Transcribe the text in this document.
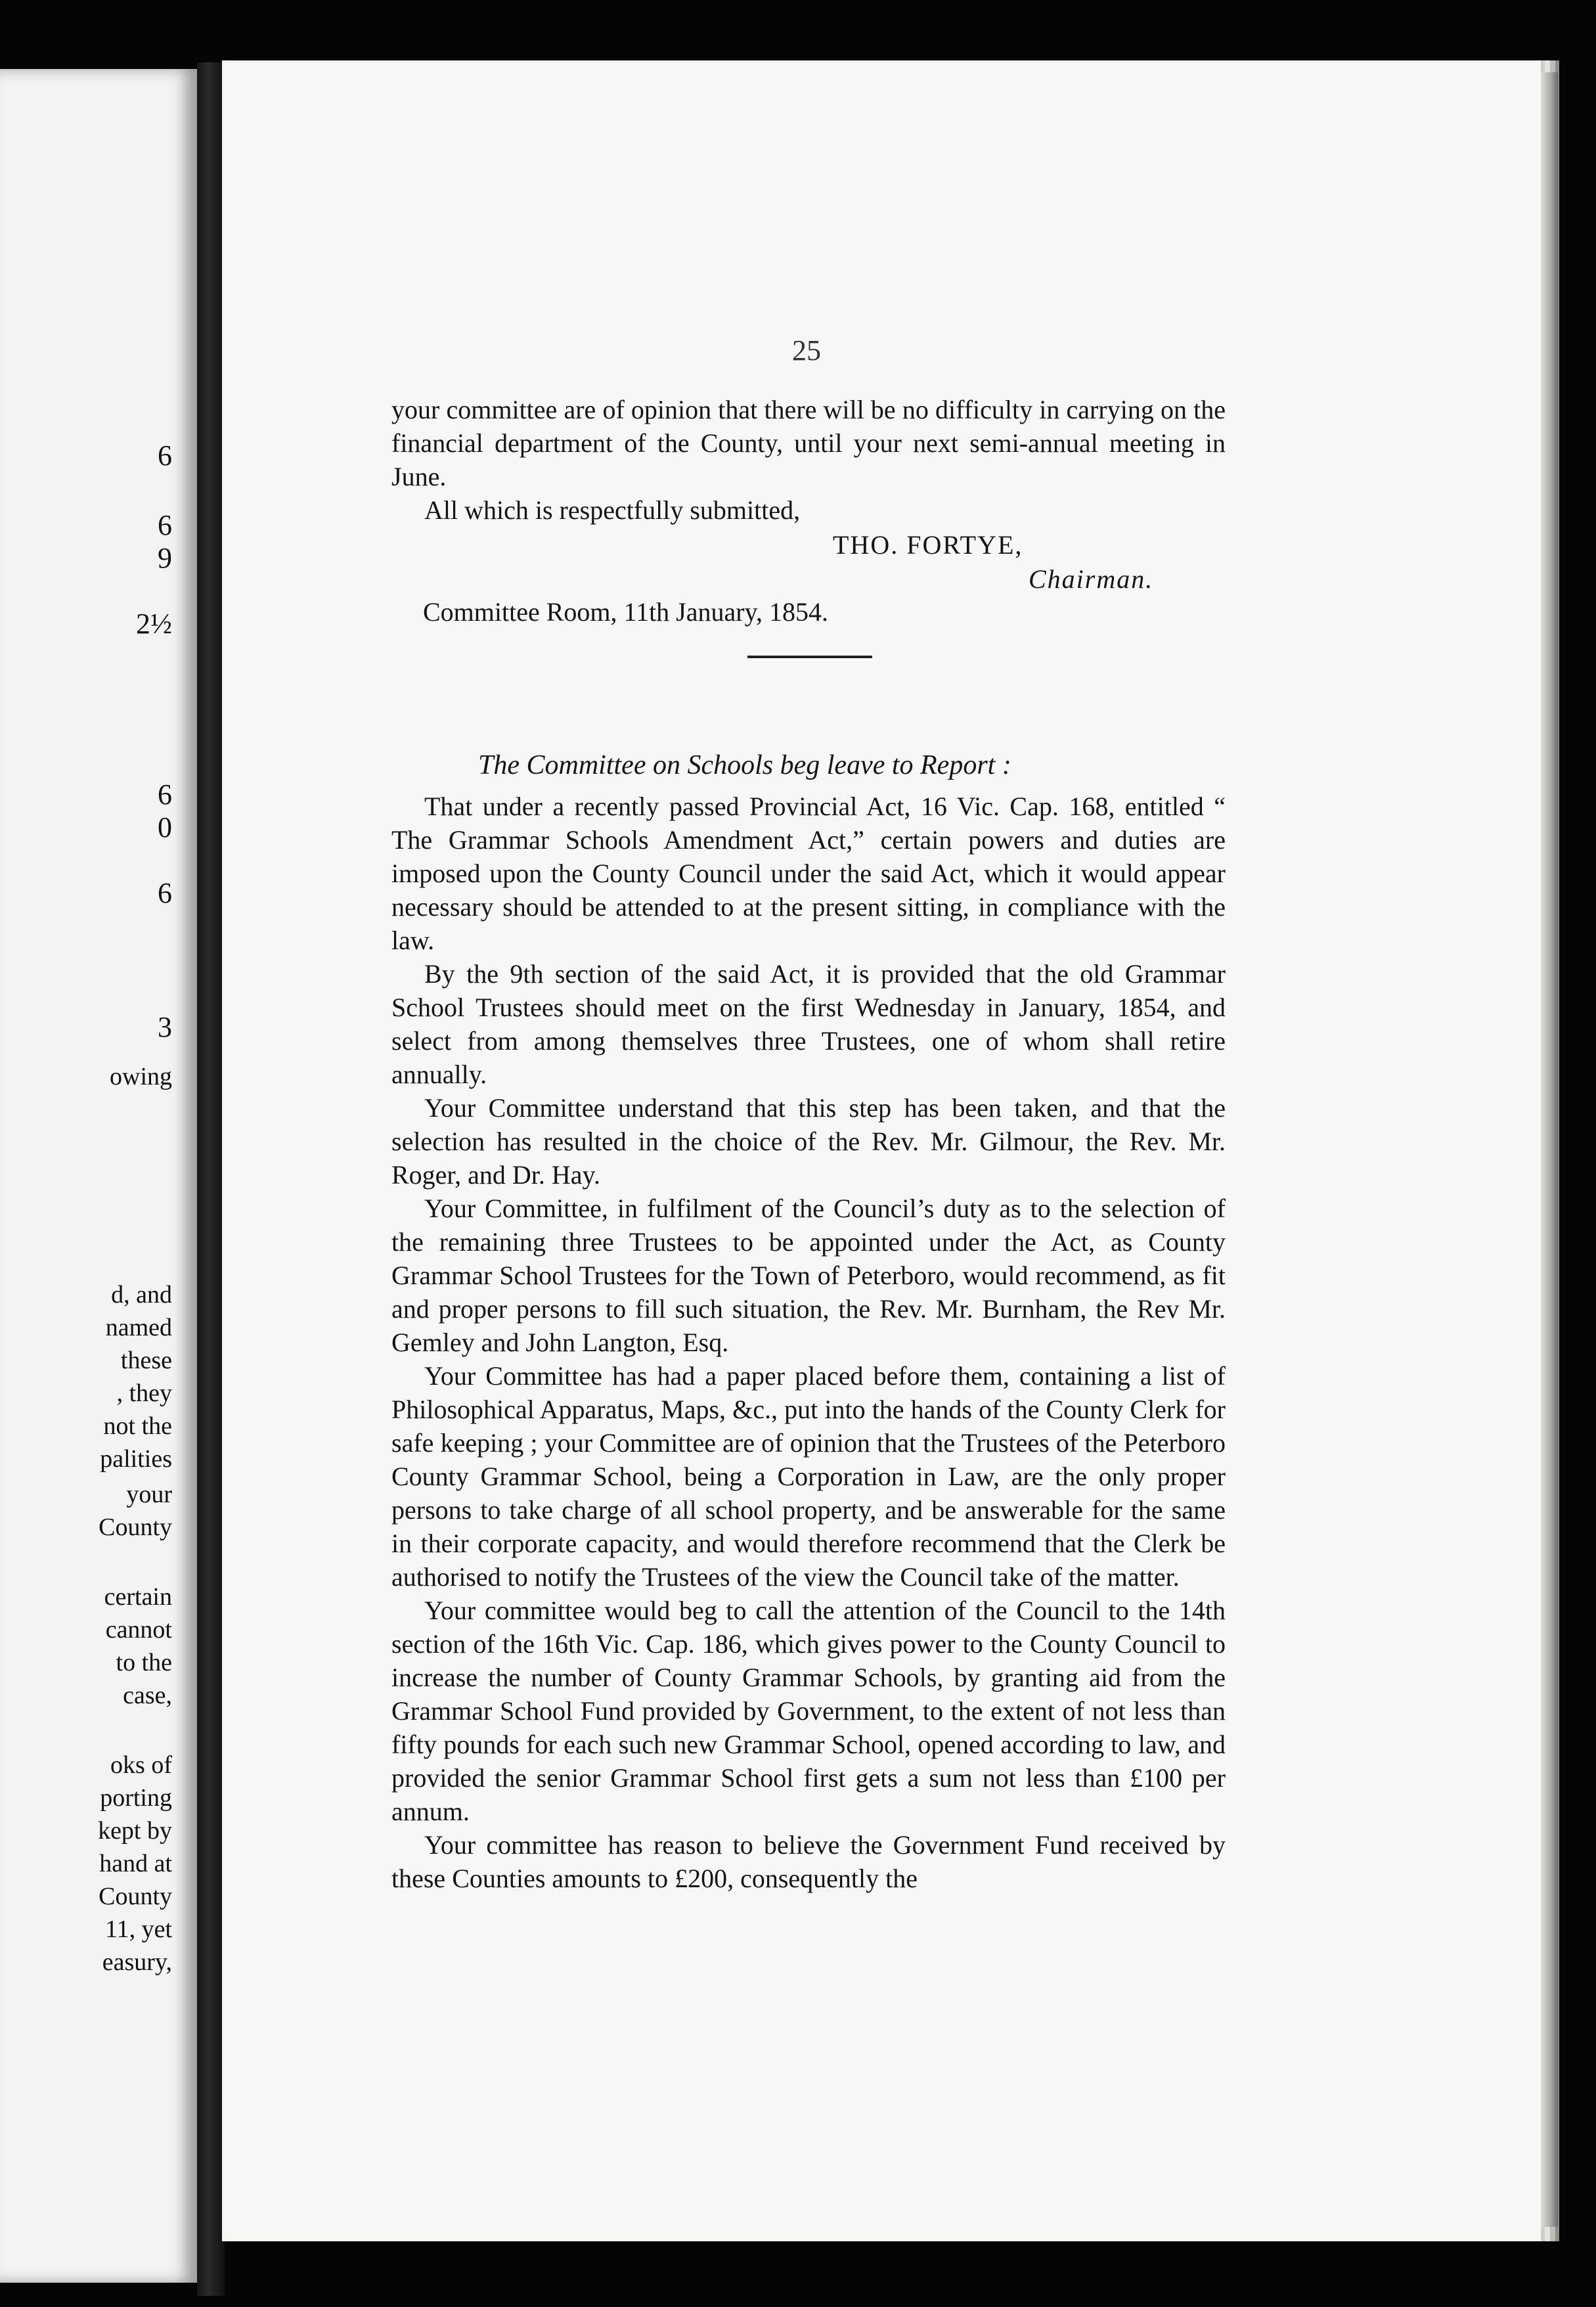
6
6
9
2½
6
0
6
3
owing
d, and
named
these
, they
not the
palities
your
County
certain
cannot
to the
case,
oks of
porting
kept by
hand at
County
11, yet
easury,
25

your committee are of opinion that there will be no difficulty in carrying on the financial department of the County, until your next semi-annual meeting in June.

All which is respectfully submitted,

THO. FORTYE,
Chairman.
Committee Room, 11th January, 1854.
The Committee on Schools beg leave to Report :

That under a recently passed Provincial Act, 16 Vic. Cap. 168, entitled “ The Grammar Schools Amendment Act,” certain powers and duties are imposed upon the County Council under the said Act, which it would appear necessary should be attended to at the present sitting, in compliance with the law.

By the 9th section of the said Act, it is provided that the old Grammar School Trustees should meet on the first Wednesday in January, 1854, and select from among themselves three Trustees, one of whom shall retire annually.

Your Committee understand that this step has been taken, and that the selection has resulted in the choice of the Rev. Mr. Gilmour, the Rev. Mr. Roger, and Dr. Hay.

Your Committee, in fulfilment of the Council’s duty as to the selection of the remaining three Trustees to be appointed under the Act, as County Grammar School Trustees for the Town of Peterboro, would recommend, as fit and proper persons to fill such situation, the Rev. Mr. Burnham, the Rev Mr. Gemley and John Langton, Esq.

Your Committee has had a paper placed before them, containing a list of Philosophical Apparatus, Maps, &c., put into the hands of the County Clerk for safe keeping ; your Committee are of opinion that the Trustees of the Peterboro County Grammar School, being a Corporation in Law, are the only proper persons to take charge of all school property, and be answerable for the same in their corporate capacity, and would therefore recommend that the Clerk be authorised to notify the Trustees of the view the Council take of the matter.

Your committee would beg to call the attention of the Council to the 14th section of the 16th Vic. Cap. 186, which gives power to the County Council to increase the number of County Grammar Schools, by granting aid from the Grammar School Fund provided by Government, to the extent of not less than fifty pounds for each such new Grammar School, opened according to law, and provided the senior Grammar School first gets a sum not less than £100 per annum.

Your committee has reason to believe the Government Fund received by these Counties amounts to £200, consequently the
